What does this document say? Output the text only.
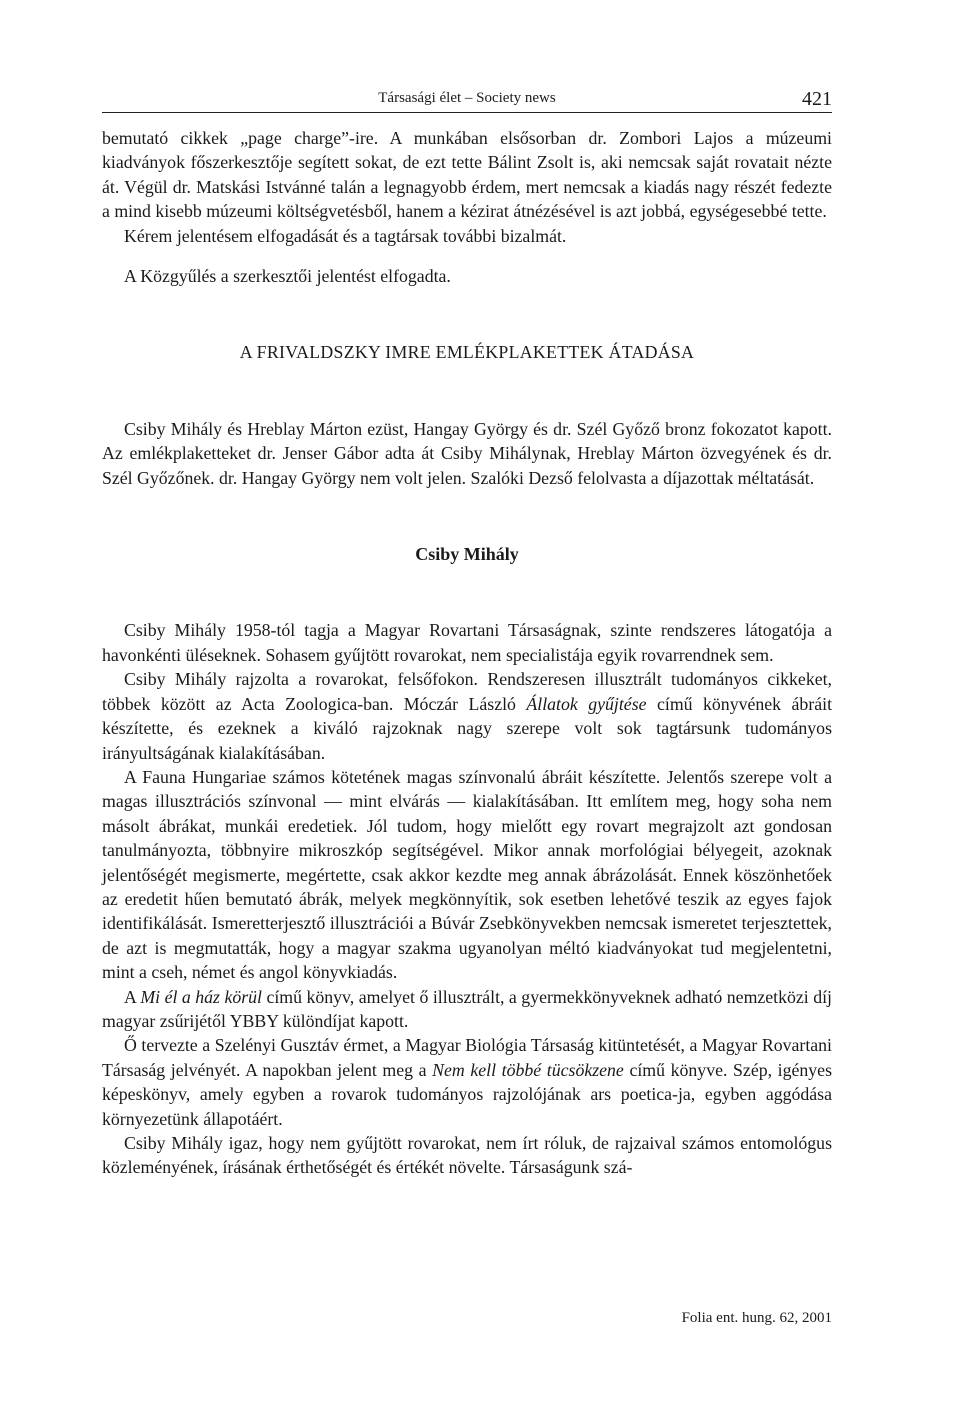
Társasági élet – Society news	421

bemutató cikkek „page charge”-ire. A munkában elsősorban dr. Zombori Lajos a múzeumi kiadványok főszerkesztője segített sokat, de ezt tette Bálint Zsolt is, aki nemcsak saját rovatait nézte át. Végül dr. Matskási Istvánné talán a legnagyobb érdem, mert nemcsak a kiadás nagy részét fedezte a mind kisebb múzeumi költségvetésből, hanem a kézirat átnézésével is azt jobbá, egységesebbé tette.

Kérem jelentésem elfogadását és a tagtársak további bizalmát.

A Közgyűlés a szerkesztői jelentést elfogadta.

A FRIVALDSZKY IMRE EMLÉKPLAKETTEK ÁTADÁSA

Csiby Mihály és Hreblay Márton ezüst, Hangay György és dr. Szél Győző bronz fokozatot kapott. Az emlékplaketteket dr. Jenser Gábor adta át Csiby Mihálynak, Hreblay Márton özvegyének és dr. Szél Győzőnek. dr. Hangay György nem volt jelen. Szalóki Dezső felolvasta a díjazottak méltatását.

Csiby Mihály

Csiby Mihály 1958-tól tagja a Magyar Rovartani Társaságnak, szinte rendszeres látogatója a havonkénti üléseknek. Sohasem gyűjtött rovarokat, nem specialistája egyik rovarrendnek sem.

Csiby Mihály rajzolta a rovarokat, felsőfokon. Rendszeresen illusztrált tudományos cikkeket, többek között az Acta Zoologica-ban. Móczár László Állatok gyűjtése című könyvének ábráit készítette, és ezeknek a kiváló rajzoknak nagy szerepe volt sok tagtársunk tudományos irányultságának kialakításában.

A Fauna Hungariae számos kötetének magas színvonalú ábráit készítette. Jelentős szerepe volt a magas illusztrációs színvonal — mint elvárás — kialakításában. Itt említem meg, hogy soha nem másolt ábrákat, munkái eredetiek. Jól tudom, hogy mielőtt egy rovart megrajzolt azt gondosan tanulmányozta, többnyire mikroszkóp segítségével. Mikor annak morfológiai bélyegeit, azoknak jelentőségét megismerte, megértette, csak akkor kezdte meg annak ábrázolását. Ennek köszönhetőek az eredetit hűen bemutató ábrák, melyek megkönnyítik, sok esetben lehetővé teszik az egyes fajok identifikálását. Ismeretterjesztő illusztrációi a Búvár Zsebkönyvekben nemcsak ismeretet terjesztettek, de azt is megmutatták, hogy a magyar szakma ugyanolyan méltó kiadványokat tud megjelentetni, mint a cseh, német és angol könyvkiadás.

A Mi él a ház körül című könyv, amelyet ő illusztrált, a gyermekkönyveknek adható nemzetközi díj magyar zsűrijétől YBBY különdíjat kapott.

Ő tervezte a Szelényi Gusztáv érmet, a Magyar Biológia Társaság kitüntetését, a Magyar Rovartani Társaság jelvényét. A napokban jelent meg a Nem kell többé tücsökzene című könyve. Szép, igényes képeskönyv, amely egyben a rovarok tudományos rajzolójának ars poetica-ja, egyben aggódása környezetünk állapotáért.

Csiby Mihály igaz, hogy nem gyűjtött rovarokat, nem írt róluk, de rajzaival számos entomológus közleményének, írásának érthetőségét és értékét növelte. Társaságunk szá-

Folia ent. hung. 62, 2001
